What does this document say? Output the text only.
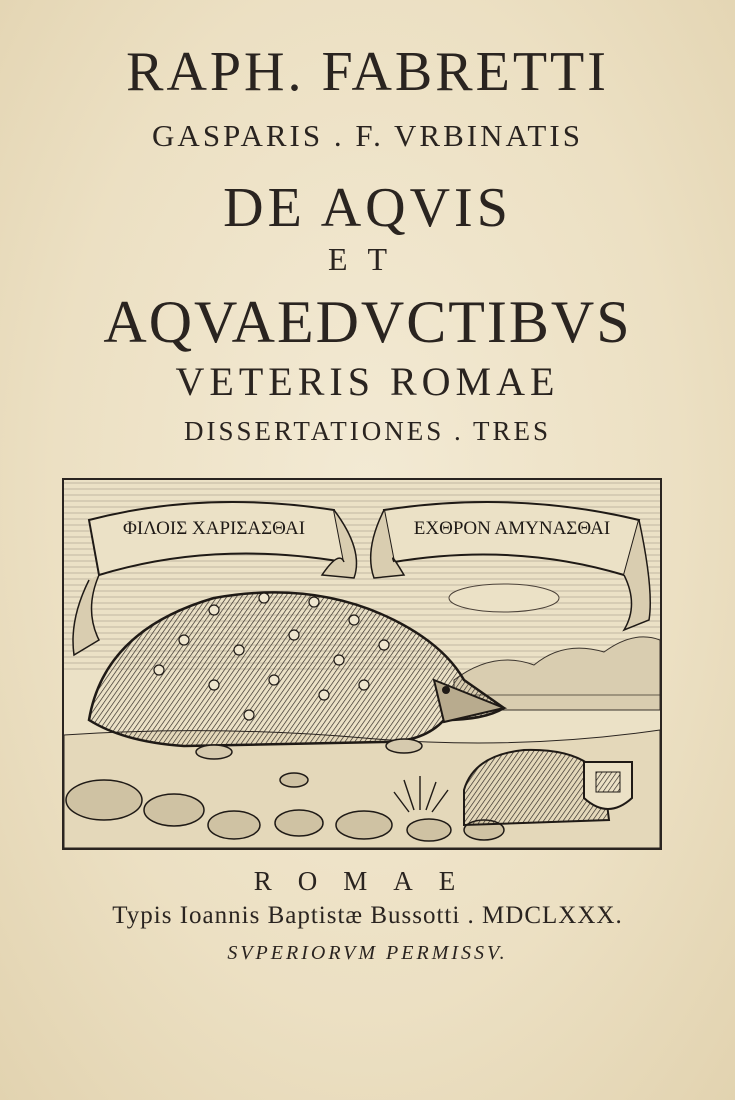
RAPH. FABRETTI
GASPARIS . F. VRBINATIS
DE AQVIS
ET
AQVAEDVCTIBVS
VETERIS ROMAE
DISSERTATIONES . TRES
ΦΙΛΟΙΣ ΧΑΡΙΣΑΣΘΑΙ	ΕΧΘΡΟΝ ΑΜΥΝΑΣΘΑΙ
ROMAE
Typis Ioannis Baptistæ Bussotti . MDCLXXX.
SVPERIORVM PERMISSV.
